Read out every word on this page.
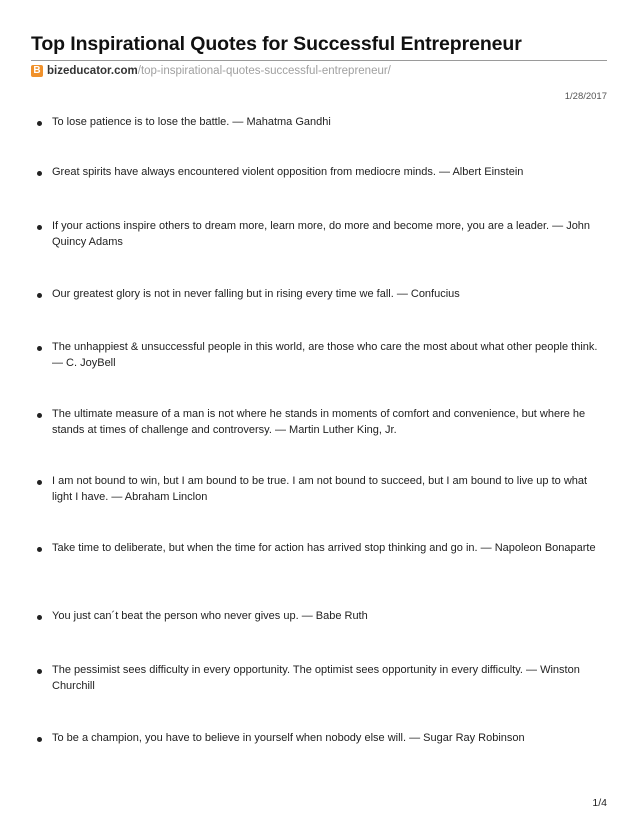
Top Inspirational Quotes for Successful Entrepreneur
B bizeducator.com /top-inspirational-quotes-successful-entrepreneur/
1/28/2017
To lose patience is to lose the battle. — Mahatma Gandhi
Great spirits have always encountered violent opposition from mediocre minds. — Albert Einstein
If your actions inspire others to dream more, learn more, do more and become more, you are a leader. — John Quincy Adams
Our greatest glory is not in never falling but in rising every time we fall. — Confucius
The unhappiest & unsuccessful people in this world, are those who care the most about what other people think. — C. JoyBell
The ultimate measure of a man is not where he stands in moments of comfort and convenience, but where he stands at times of challenge and controversy. — Martin Luther King, Jr.
I am not bound to win, but I am bound to be true. I am not bound to succeed, but I am bound to live up to what light I have. — Abraham Linclon
Take time to deliberate, but when the time for action has arrived stop thinking and go in. — Napoleon Bonaparte
You just can´t beat the person who never gives up. — Babe Ruth
The pessimist sees difficulty in every opportunity. The optimist sees opportunity in every difficulty. — Winston Churchill
To be a champion, you have to believe in yourself when nobody else will. — Sugar Ray Robinson
1/4
